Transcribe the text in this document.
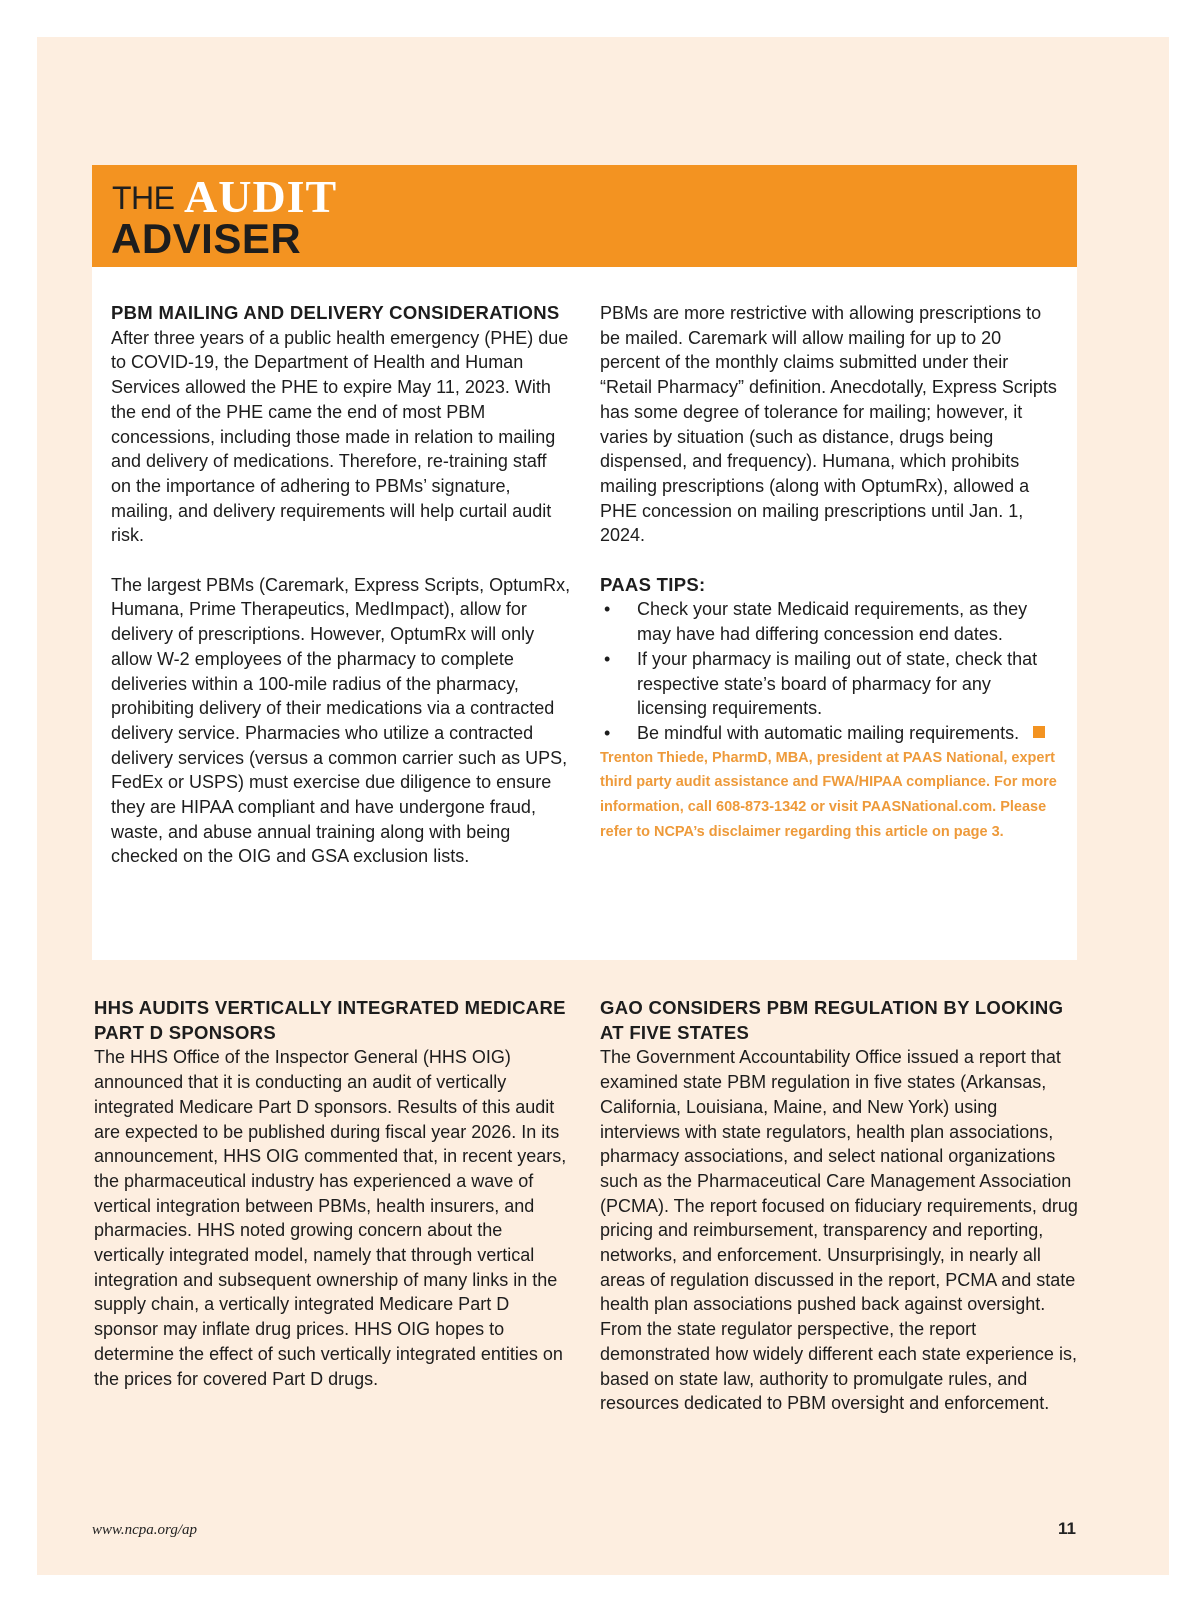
THE AUDIT
ADVISER
PBM MAILING AND DELIVERY CONSIDERATIONS

After three years of a public health emergency (PHE) due to COVID-19, the Department of Health and Human Services allowed the PHE to expire May 11, 2023. With the end of the PHE came the end of most PBM concessions, including those made in relation to mailing and delivery of medications. Therefore, re-training staff on the importance of adhering to PBMs’ signature, mailing, and delivery requirements will help curtail audit risk.

The largest PBMs (Caremark, Express Scripts, OptumRx, Humana, Prime Therapeutics, MedImpact), allow for delivery of prescriptions. However, OptumRx will only allow W-2 employees of the pharmacy to complete deliveries within a 100-mile radius of the pharmacy, prohibiting delivery of their medications via a contracted delivery service. Pharmacies who utilize a contracted delivery services (versus a common carrier such as UPS, FedEx or USPS) must exercise due diligence to ensure they are HIPAA compliant and have undergone fraud, waste, and abuse annual training along with being checked on the OIG and GSA exclusion lists.

PBMs are more restrictive with allowing prescriptions to be mailed. Caremark will allow mailing for up to 20 percent of the monthly claims submitted under their “Retail Pharmacy” definition. Anecdotally, Express Scripts has some degree of tolerance for mailing; however, it varies by situation (such as distance, drugs being dispensed, and frequency). Humana, which prohibits mailing prescriptions (along with OptumRx), allowed a PHE concession on mailing prescriptions until Jan. 1, 2024.

PAAS TIPS:
• Check your state Medicaid requirements, as they may have had differing concession end dates.
• If your pharmacy is mailing out of state, check that respective state’s board of pharmacy for any licensing requirements.
• Be mindful with automatic mailing requirements.

Trenton Thiede, PharmD, MBA, president at PAAS National, expert third party audit assistance and FWA/HIPAA compliance. For more information, call 608-873-1342 or visit PAASNational.com. Please refer to NCPA’s disclaimer regarding this article on page 3.

HHS AUDITS VERTICALLY INTEGRATED MEDICARE PART D SPONSORS

The HHS Office of the Inspector General (HHS OIG) announced that it is conducting an audit of vertically integrated Medicare Part D sponsors. Results of this audit are expected to be published during fiscal year 2026. In its announcement, HHS OIG commented that, in recent years, the pharmaceutical industry has experienced a wave of vertical integration between PBMs, health insurers, and pharmacies. HHS noted growing concern about the vertically integrated model, namely that through vertical integration and subsequent ownership of many links in the supply chain, a vertically integrated Medicare Part D sponsor may inflate drug prices. HHS OIG hopes to determine the effect of such vertically integrated entities on the prices for covered Part D drugs.

GAO CONSIDERS PBM REGULATION BY LOOKING AT FIVE STATES

The Government Accountability Office issued a report that examined state PBM regulation in five states (Arkansas, California, Louisiana, Maine, and New York) using interviews with state regulators, health plan associations, pharmacy associations, and select national organizations such as the Pharmaceutical Care Management Association (PCMA). The report focused on fiduciary requirements, drug pricing and reimbursement, transparency and reporting, networks, and enforcement. Unsurprisingly, in nearly all areas of regulation discussed in the report, PCMA and state health plan associations pushed back against oversight. From the state regulator perspective, the report demonstrated how widely different each state experience is, based on state law, authority to promulgate rules, and resources dedicated to PBM oversight and enforcement.

www.ncpa.org/ap	11
